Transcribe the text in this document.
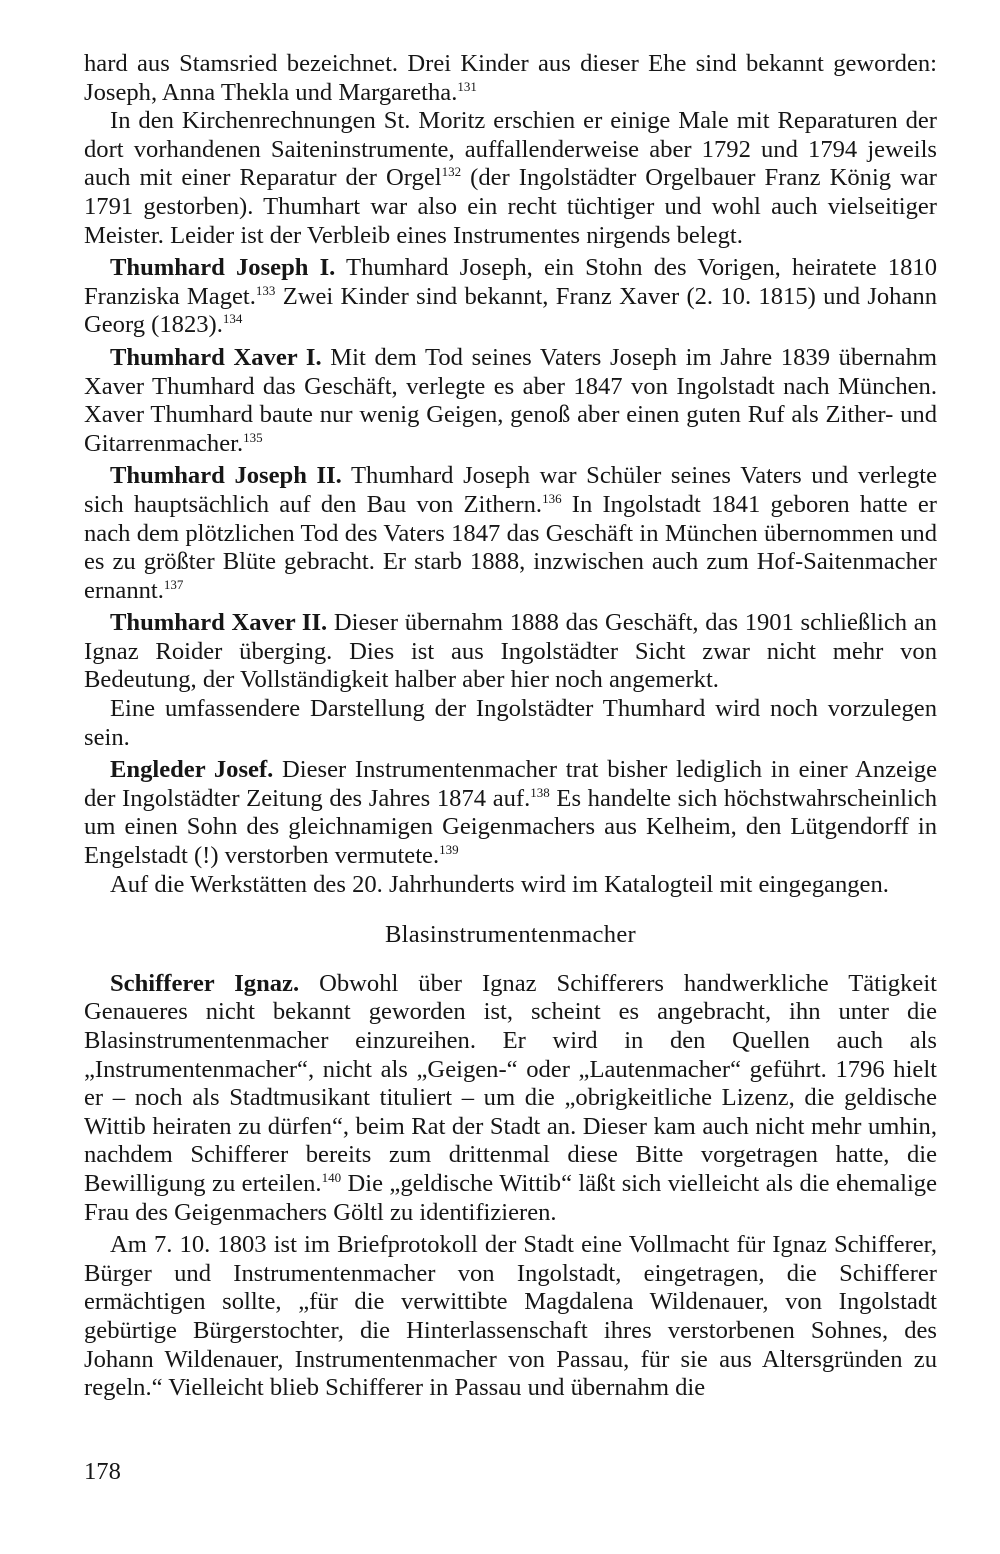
hard aus Stamsried bezeichnet. Drei Kinder aus dieser Ehe sind bekannt geworden: Joseph, Anna Thekla und Margaretha.$^{131}$

In den Kirchenrechnungen St. Moritz erschien er einige Male mit Reparaturen der dort vorhandenen Saiteninstrumente, auffallenderweise aber 1792 und 1794 jeweils auch mit einer Reparatur der Orgel$^{132}$ (der Ingolstädter Orgelbauer Franz König war 1791 gestorben). Thumhart war also ein recht tüchtiger und wohl auch vielseitiger Meister. Leider ist der Verbleib eines Instrumentes nirgends belegt.

Thumhard Joseph I. Thumhard Joseph, ein Stohn des Vorigen, heiratete 1810 Franziska Maget.$^{133}$ Zwei Kinder sind bekannt, Franz Xaver (2. 10. 1815) und Johann Georg (1823).$^{134}$

Thumhard Xaver I. Mit dem Tod seines Vaters Joseph im Jahre 1839 übernahm Xaver Thumhard das Geschäft, verlegte es aber 1847 von Ingolstadt nach München. Xaver Thumhard baute nur wenig Geigen, genoß aber einen guten Ruf als Zither- und Gitarrenmacher.$^{135}$

Thumhard Joseph II. Thumhard Joseph war Schüler seines Vaters und verlegte sich hauptsächlich auf den Bau von Zithern.$^{136}$ In Ingolstadt 1841 geboren hatte er nach dem plötzlichen Tod des Vaters 1847 das Geschäft in München übernommen und es zu größter Blüte gebracht. Er starb 1888, inzwischen auch zum Hof-Saitenmacher ernannt.$^{137}$

Thumhard Xaver II. Dieser übernahm 1888 das Geschäft, das 1901 schließlich an Ignaz Roider überging. Dies ist aus Ingolstädter Sicht zwar nicht mehr von Bedeutung, der Vollständigkeit halber aber hier noch angemerkt.

Eine umfassendere Darstellung der Ingolstädter Thumhard wird noch vorzulegen sein.

Engleder Josef. Dieser Instrumentenmacher trat bisher lediglich in einer Anzeige der Ingolstädter Zeitung des Jahres 1874 auf.$^{138}$ Es handelte sich höchstwahrscheinlich um einen Sohn des gleichnamigen Geigenmachers aus Kelheim, den Lütgendorff in Engelstadt (!) verstorben vermutete.$^{139}$

Auf die Werkstätten des 20. Jahrhunderts wird im Katalogteil mit eingegangen.

Blasinstrumentenmacher

Schifferer Ignaz. Obwohl über Ignaz Schifferers handwerkliche Tätigkeit Genaueres nicht bekannt geworden ist, scheint es angebracht, ihn unter die Blasinstrumentenmacher einzureihen. Er wird in den Quellen auch als „Instrumentenmacher“, nicht als „Geigen-“ oder „Lautenmacher“ geführt. 1796 hielt er – noch als Stadtmusikant tituliert – um die „obrigkeitliche Lizenz, die geldische Wittib heiraten zu dürfen“, beim Rat der Stadt an. Dieser kam auch nicht mehr umhin, nachdem Schifferer bereits zum drittenmal diese Bitte vorgetragen hatte, die Bewilligung zu erteilen.$^{140}$ Die „geldische Wittib“ läßt sich vielleicht als die ehemalige Frau des Geigenmachers Göltl zu identifizieren.

Am 7. 10. 1803 ist im Briefprotokoll der Stadt eine Vollmacht für Ignaz Schifferer, Bürger und Instrumentenmacher von Ingolstadt, eingetragen, die Schifferer ermächtigen sollte, „für die verwittibte Magdalena Wildenauer, von Ingolstadt gebürtige Bürgerstochter, die Hinterlassenschaft ihres verstorbenen Sohnes, des Johann Wildenauer, Instrumentenmacher von Passau, für sie aus Altersgründen zu regeln.“ Vielleicht blieb Schifferer in Passau und übernahm die

178
